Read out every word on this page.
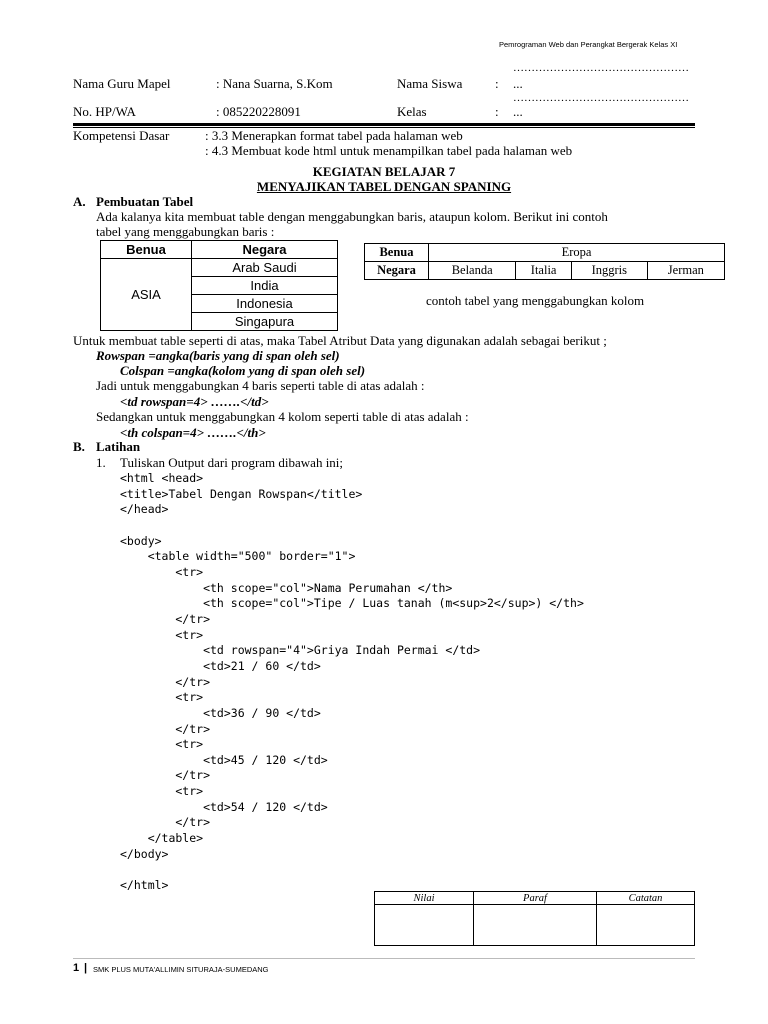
Pemrograman Web dan Perangkat Bergerak Kelas XI
Nama Guru Mapel	: Nana Suarna, S.Kom	Nama Siswa	:
…………………………………………
...
…………………………………………
No. HP/WA	: 085220228091	Kelas	: ...
Kompetensi Dasar	: 3.3 Menerapkan format tabel pada halaman web
: 4.3 Membuat kode html untuk menampilkan tabel pada halaman web
KEGIATAN BELAJAR 7
MENYAJIKAN TABEL DENGAN SPANING
A. Pembuatan Tabel
Ada kalanya kita membuat table dengan menggabungkan baris, ataupun kolom. Berikut ini contoh
tabel yang menggabungkan baris :
Benua	Negara
ASIA	Arab Saudi
	India
	Indonesia
	Singapura
Benua	Eropa			
Negara	Belanda	Italia	Inggris	Jerman
contoh tabel yang menggabungkan kolom
Untuk membuat table seperti di atas, maka Tabel Atribut Data yang digunakan adalah sebagai berikut ;
Rowspan =angka(baris yang di span oleh sel)
Colspan =angka(kolom yang di span oleh sel)
Jadi untuk menggabungkan 4 baris seperti table di atas adalah :
<td rowspan=4> …….</td>
Sedangkan untuk menggabungkan 4 kolom seperti table di atas adalah :
<th colspan=4> …….</th>
B. Latihan
1. Tuliskan Output dari program dibawah ini;
<html <head>
<title>Tabel Dengan Rowspan</title>
</head>

<body>
<table width="500" border="1">
<tr>
<th scope="col">Nama Perumahan </th>
<th scope="col">Tipe / Luas tanah (m<sup>2</sup>) </th>
</tr>
<tr>
<td rowspan="4">Griya Indah Permai </td>
<td>21 / 60 </td>
</tr>
<tr>
<td>36 / 90 </td>
</tr>
<tr>
<td>45 / 120 </td>
</tr>
<tr>
<td>54 / 120 </td>
</tr>
</table>
</body>

</html>
Nilai	Paraf	Catatan

1 | SMK PLUS MUTA'ALLIMIN SITURAJA-SUMEDANG
